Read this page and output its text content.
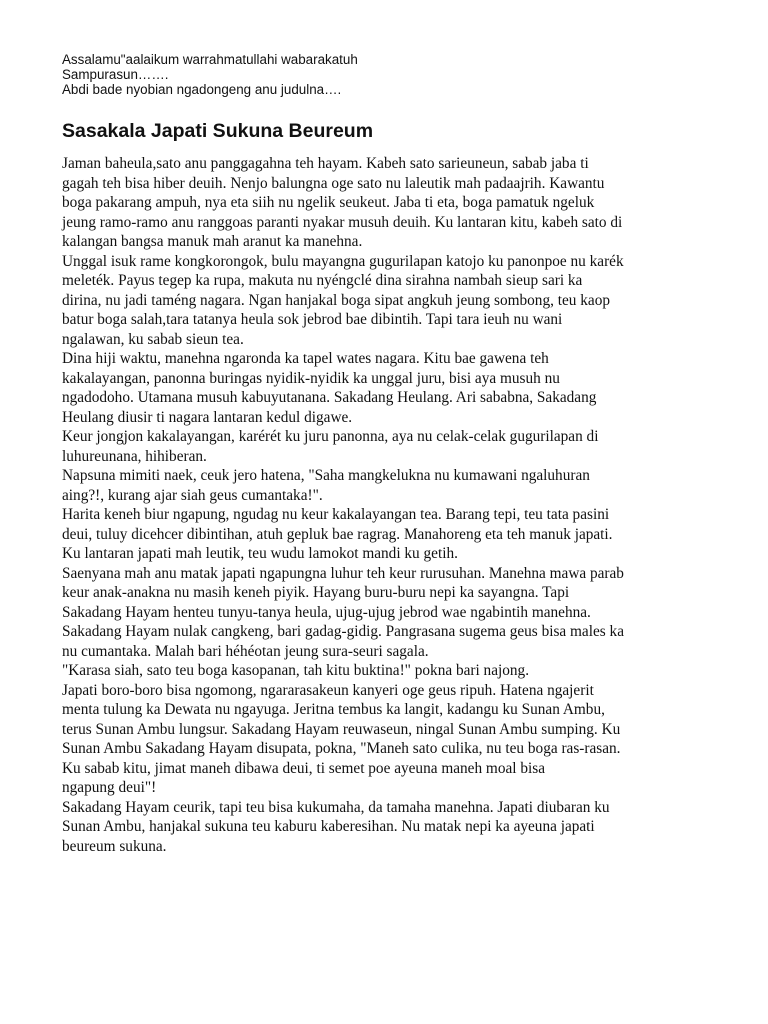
Assalamu"aalaikum warrahmatullahi wabarakatuh
Sampurasun…….
Abdi bade nyobian ngadongeng anu judulna….
Sasakala Japati Sukuna Beureum
Jaman baheula,sato anu panggagahna teh hayam. Kabeh sato sarieuneun, sabab jaba ti
gagah teh bisa hiber deuih. Nenjo balungna oge sato nu laleutik mah padaajrih. Kawantu
boga pakarang ampuh, nya eta siih nu ngelik seukeut. Jaba ti eta, boga pamatuk ngeluk
jeung ramo-ramo anu ranggoas paranti nyakar musuh deuih. Ku lantaran kitu, kabeh sato di
kalangan bangsa manuk mah aranut ka manehna.
Unggal isuk rame kongkorongok, bulu mayangna gugurilapan katojo ku panonpoe nu karék
meleték. Payus tegep ka rupa, makuta nu nyéngclé dina sirahna nambah sieup sari ka
dirina, nu jadi taméng nagara. Ngan hanjakal boga sipat angkuh jeung sombong, teu kaop
batur boga salah,tara tatanya heula sok jebrod bae dibintih. Tapi tara ieuh nu wani
ngalawan, ku sabab sieun tea.
Dina hiji waktu, manehna ngaronda ka tapel wates nagara. Kitu bae gawena teh
kakalayangan, panonna buringas nyidik-nyidik ka unggal juru, bisi aya musuh nu
ngadodoho. Utamana musuh kabuyutanana. Sakadang Heulang. Ari sababna, Sakadang
Heulang diusir ti nagara lantaran kedul digawe.
Keur jongjon kakalayangan, karérét ku juru panonna, aya nu celak-celak gugurilapan di
luhureunana, hihiberan.
Napsuna mimiti naek, ceuk jero hatena, "Saha mangkelukna nu kumawani ngaluhuran
aing?!, kurang ajar siah geus cumantaka!".
Harita keneh biur ngapung, ngudag nu keur kakalayangan tea. Barang tepi, teu tata pasini
deui, tuluy dicehcer dibintihan, atuh gepluk bae ragrag. Manahoreng eta teh manuk japati.
Ku lantaran japati mah leutik, teu wudu lamokot mandi ku getih.
Saenyana mah anu matak japati ngapungna luhur teh keur rurusuhan. Manehna mawa parab
keur anak-anakna nu masih keneh piyik. Hayang buru-buru nepi ka sayangna. Tapi
Sakadang Hayam henteu tunyu-tanya heula, ujug-ujug jebrod wae ngabintih manehna.
Sakadang Hayam nulak cangkeng, bari gadag-gidig. Pangrasana sugema geus bisa males ka
nu cumantaka. Malah bari héhéotan jeung sura-seuri sagala.
"Karasa siah, sato teu boga kasopanan, tah kitu buktina!" pokna bari najong.
Japati boro-boro bisa ngomong, ngararasakeun kanyeri oge geus ripuh. Hatena ngajerit
menta tulung ka Dewata nu ngayuga. Jeritna tembus ka langit, kadangu ku Sunan Ambu,
terus Sunan Ambu lungsur. Sakadang Hayam reuwaseun, ningal Sunan Ambu sumping. Ku
Sunan Ambu Sakadang Hayam disupata, pokna, "Maneh sato culika, nu teu boga ras-rasan.
Ku sabab kitu, jimat maneh dibawa deui, ti semet poe ayeuna maneh moal bisa
ngapung deui"!
Sakadang Hayam ceurik, tapi teu bisa kukumaha, da tamaha manehna. Japati diubaran ku
Sunan Ambu, hanjakal sukuna teu kaburu kaberesihan. Nu matak nepi ka ayeuna japati
beureum sukuna.
